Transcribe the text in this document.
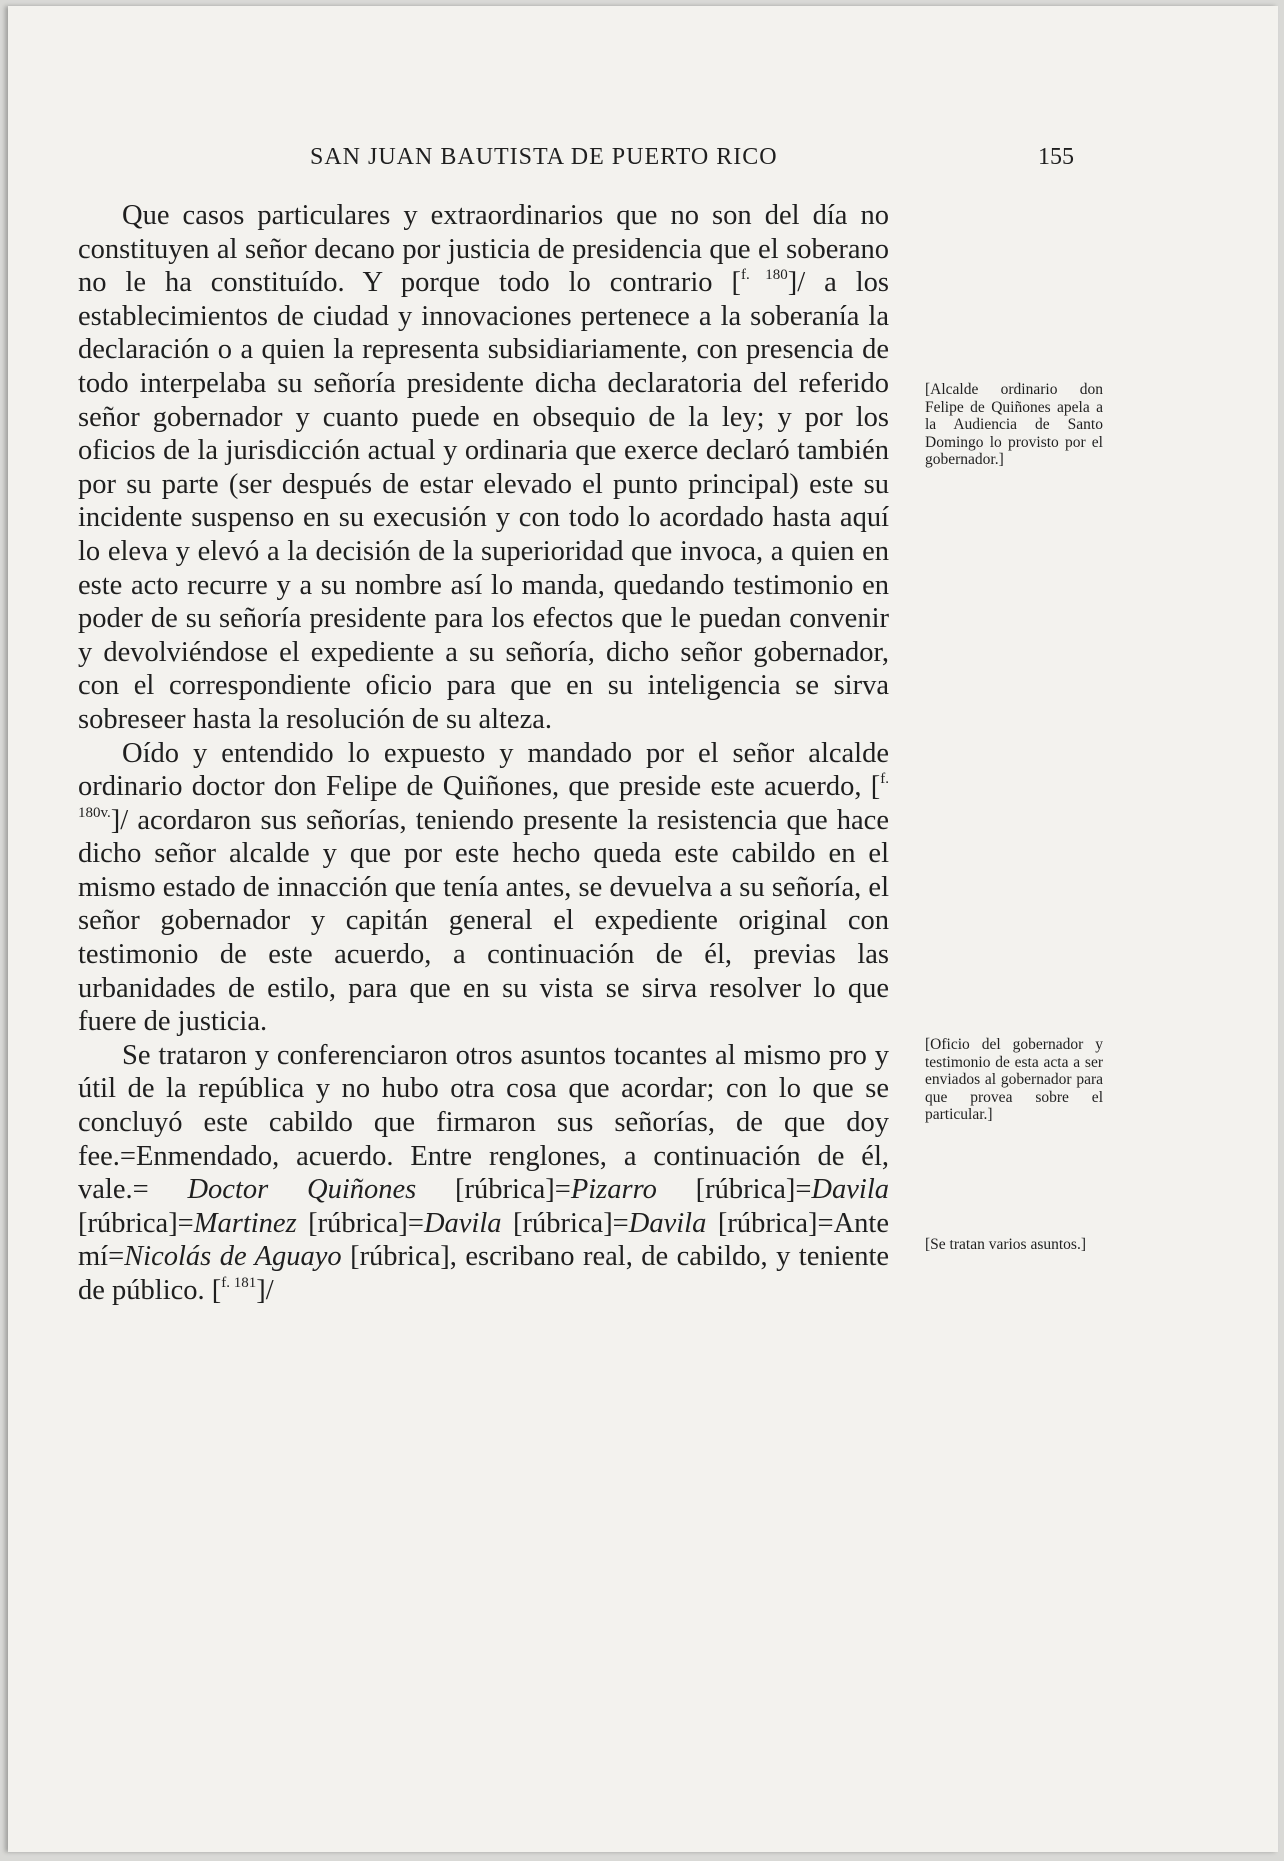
SAN JUAN BAUTISTA DE PUERTO RICO	155

Que casos particulares y extraordinarios que no son del día no constituyen al señor decano por justicia de presidencia que el soberano no le ha constituído. Y porque todo lo contrario [$^{f. 180}$]/ a los establecimientos de ciudad y innovaciones pertenece a la soberanía la declaración o a quien la representa subsidiariamente, con presencia de todo interpelaba su señoría presidente dicha declaratoria del referido señor gobernador y cuanto puede en obsequio de la ley; y por los oficios de la jurisdicción actual y ordinaria que exerce declaró también por su parte (ser después de estar elevado el punto principal) este su incidente suspenso en su execusión y con todo lo acordado hasta aquí lo eleva y elevó a la decisión de la superioridad que invoca, a quien en este acto recurre y a su nombre así lo manda, quedando testimonio en poder de su señoría presidente para los efectos que le puedan convenir y devolviéndose el expediente a su señoría, dicho señor gobernador, con el correspondiente oficio para que en su inteligencia se sirva sobreseer hasta la resolución de su alteza.

Oído y entendido lo expuesto y mandado por el señor alcalde ordinario doctor don Felipe de Quiñones, que preside este acuerdo, [$^{f. 180v.}$]/ acordaron sus señorías, teniendo presente la resistencia que hace dicho señor alcalde y que por este hecho queda este cabildo en el mismo estado de innacción que tenía antes, se devuelva a su señoría, el señor gobernador y capitán general el expediente original con testimonio de este acuerdo, a continuación de él, previas las urbanidades de estilo, para que en su vista se sirva resolver lo que fuere de justicia.

Se trataron y conferenciaron otros asuntos tocantes al mismo pro y útil de la república y no hubo otra cosa que acordar; con lo que se concluyó este cabildo que firmaron sus señorías, de que doy fee.=Enmendado, acuerdo. Entre renglones, a continuación de él, vale.= Doctor Quiñones [rúbrica]=Pizarro [rúbrica]=Davila [rúbrica]=Martinez [rúbrica]=Davila [rúbrica]=Davila [rúbrica]=Ante mí=Nicolás de Aguayo [rúbrica], escribano real, de cabildo, y teniente de público. [$^{f. 181}$]/

[Alcalde ordinario don Felipe de Quiñones apela a la Audiencia de Santo Domingo lo provisto por el gobernador.]
[Oficio del gobernador y testimonio de esta acta a ser enviados al gobernador para que provea sobre el particular.]
[Se tratan varios asuntos.]
